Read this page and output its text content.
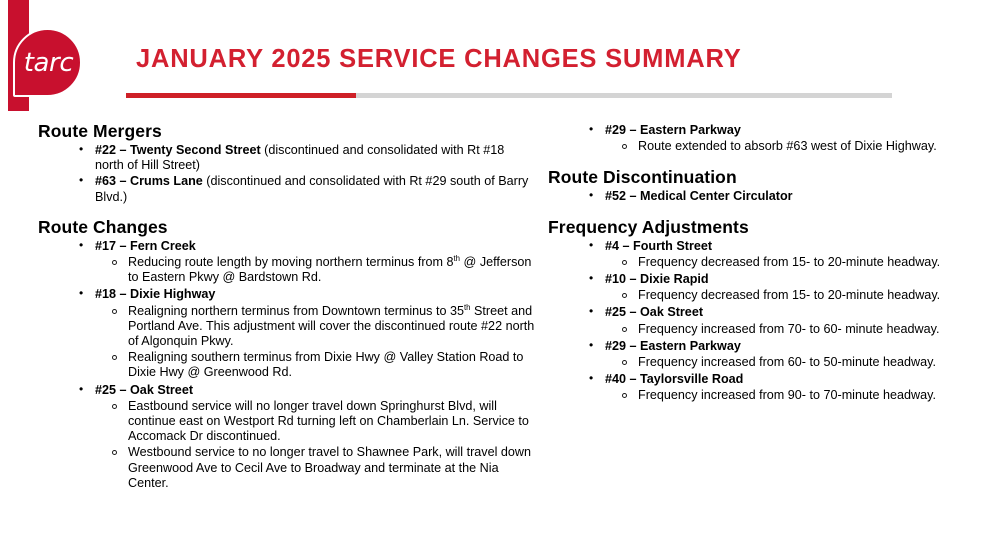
tarc	JANUARY 2025 SERVICE CHANGES SUMMARY
Route Mergers
• #22 – Twenty Second Street (discontinued and consolidated with Rt #18 north of Hill Street)
• #63 – Crums Lane (discontinued and consolidated with Rt #29 south of Barry Blvd.)
Route Changes
• #17 – Fern Creek
Reducing route length by moving northern terminus from 8th @ Jefferson to Eastern Pkwy @ Bardstown Rd.
• #18 – Dixie Highway
Realigning northern terminus from Downtown terminus to 35th Street and Portland Ave. This adjustment will cover the discontinued route #22 north of Algonquin Pkwy.
Realigning southern terminus from Dixie Hwy @ Valley Station Road to Dixie Hwy @ Greenwood Rd.
• #25 – Oak Street
Eastbound service will no longer travel down Springhurst Blvd, will continue east on Westport Rd turning left on Chamberlain Ln. Service to Accomack Dr discontinued.
Westbound service to no longer travel to Shawnee Park, will travel down Greenwood Ave to Cecil Ave to Broadway and terminate at the Nia Center.
• #29 – Eastern Parkway
Route extended to absorb #63 west of Dixie Highway.
Route Discontinuation
• #52 – Medical Center Circulator
Frequency Adjustments
• #4 – Fourth Street
Frequency decreased from 15- to 20-minute headway.
• #10 – Dixie Rapid
Frequency decreased from 15- to 20-minute headway.
• #25 – Oak Street
Frequency increased from 70- to 60- minute headway.
• #29 – Eastern Parkway
Frequency increased from 60- to 50-minute headway.
• #40 – Taylorsville Road
Frequency increased from 90- to 70-minute headway.
